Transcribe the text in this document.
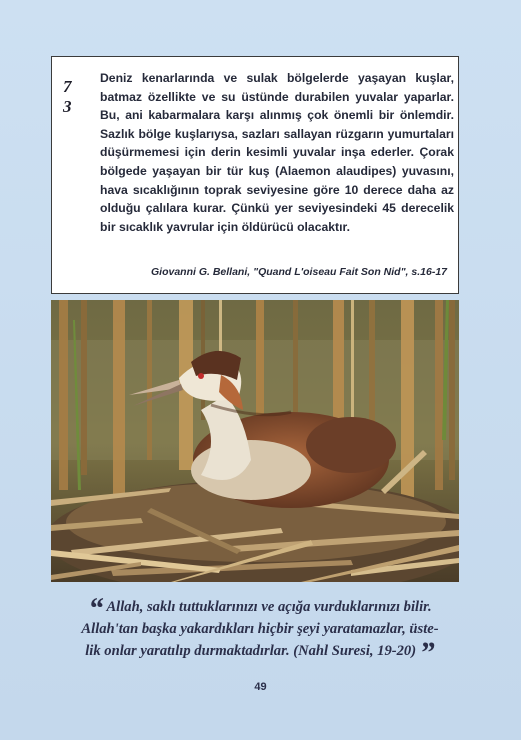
7
3

Deniz kenarlarında ve sulak bölgelerde yaşayan kuşlar, batmaz özellikte ve su üstünde durabilen yuvalar yaparlar. Bu, ani kabarmalara karşı alınmış çok önemli bir önlemdir. Sazlık bölge kuşlarıysa, sazları sallayan rüzgarın yumurtaları düşürmemesi için derin kesimli yuvalar inşa ederler. Çorak bölgede yaşayan bir tür kuş (Alaemon alaudipes) yuvasını, hava sıcaklığının toprak seviyesine göre 10 derece daha az olduğu çalılara kurar. Çünkü yer seviyesindeki 45 derecelik bir sıcaklık yavrular için öldürücü olacaktır.

Giovanni G. Bellani, "Quand L'oiseau Fait Son Nid", s.16-17
“ Allah, saklı tuttuklarınızı ve açığa vurduklarınızı bilir.
Allah'tan başka yakardıkları hiçbir şeyi yaratamazlar, üste-
lik onlar yaratılıp durmaktadırlar. (Nahl Suresi, 19-20) ”
49
